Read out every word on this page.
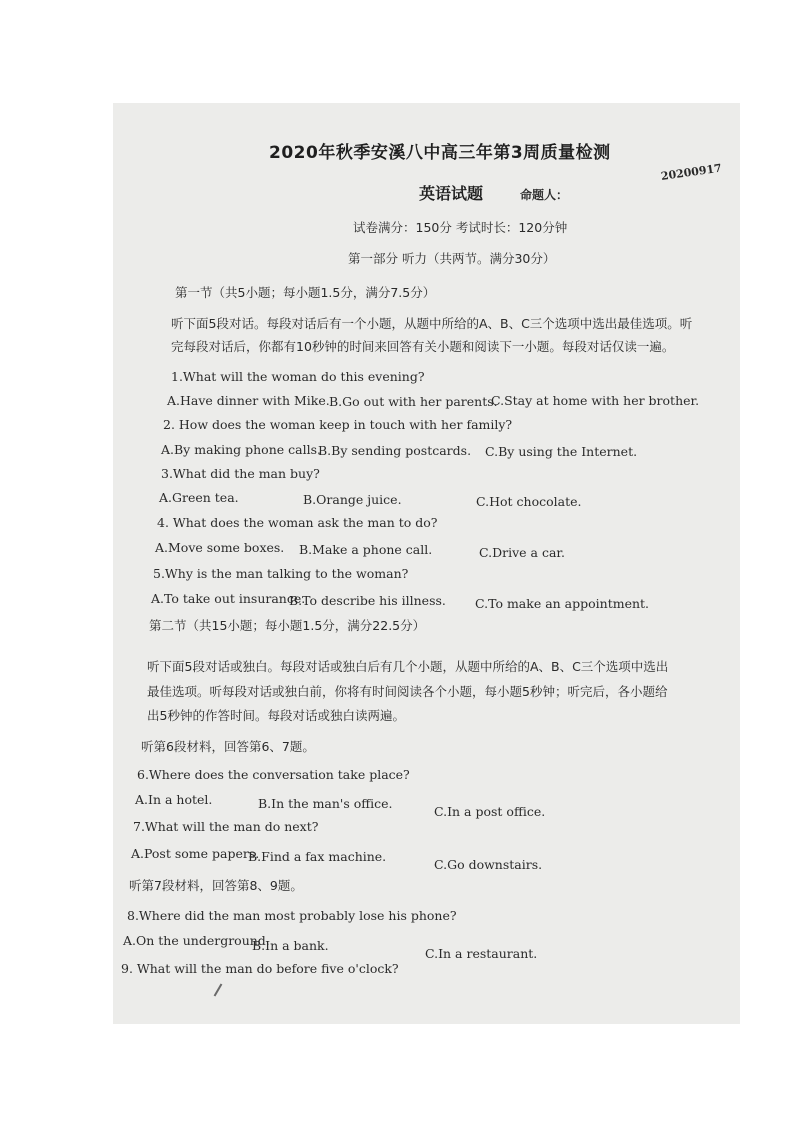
2020年秋季安溪八中高三年第3周质量检测
英语试题	命题人：
20200917
试卷满分：150分 考试时长：120分钟
第一部分 听力（共两节。满分30分）
第一节（共5小题；每小题1.5分，满分7.5分）
听下面5段对话。每段对话后有一个小题，从题中所给的A、B、C三个选项中选出最佳选项。听
完每段对话后，你都有10秒钟的时间来回答有关小题和阅读下一小题。每段对话仅读一遍。
1.What will the woman do this evening?
A.Have dinner with Mike. B.Go out with her parents.
C.Stay at home with her brother.
2. How does the woman keep in touch with her family?
A.By making phone calls.
B.By sending postcards. C.By using the Internet.
3.What did the man buy?
A.Green tea.	B.Orange juice.	C.Hot chocolate.
4. What does the woman ask the man to do?
A.Move some boxes. B.Make a phone call.	C.Drive a car.
5.Why is the man talking to the woman?
A.To take out insurance.
B.To describe his illness. C.To make an appointment.
第二节（共15小题；每小题1.5分，满分22.5分）
听下面5段对话或独白。每段对话或独白后有几个小题，从题中所给的A、B、C三个选项中选出
最佳选项。听每段对话或独白前，你将有时间阅读各个小题，每小题5秒钟；听完后，各小题给
出5秒钟的作答时间。每段对话或独白读两遍。
听第6段材料，回答第6、7题。
6.Where does the conversation take place?
A.In a hotel.	B.In the man's office.
C.In a post office.
7.What will the man do next?
A.Post some papers.
B.Find a fax machine.
C.Go downstairs.
听第7段材料，回答第8、9题。
8.Where did the man most probably lose his phone?
A.On the underground.
B.In a bank.
C.In a restaurant.
9. What will the man do before five o'clock?
